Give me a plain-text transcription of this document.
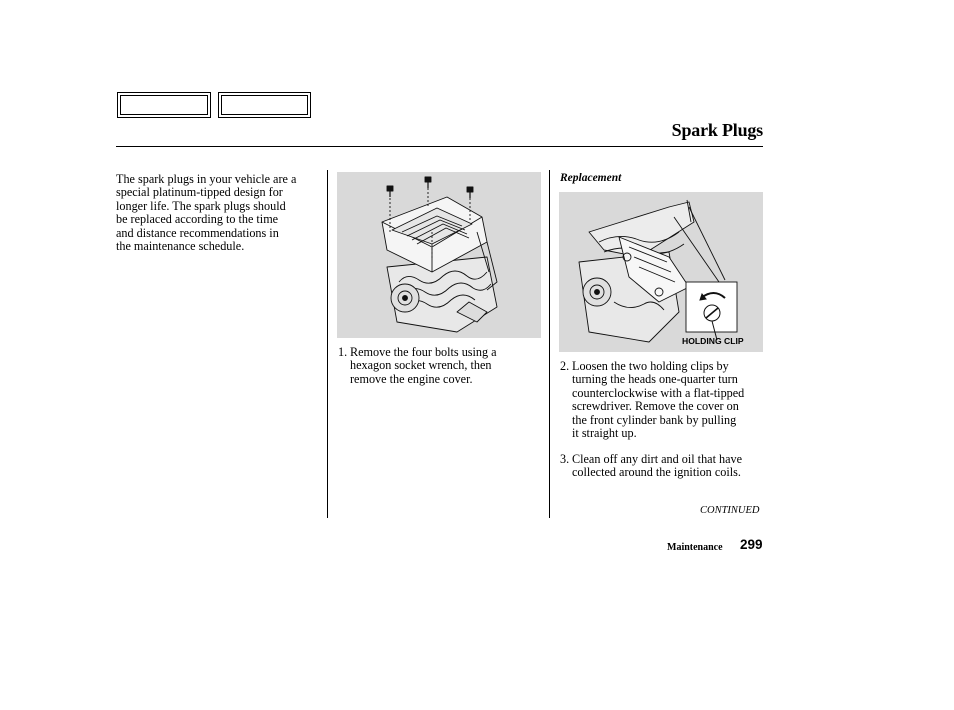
Spark Plugs
The spark plugs in your vehicle are a
special platinum-tipped design for
longer life. The spark plugs should
be replaced according to the time
and distance recommendations in
the maintenance schedule.
1. Remove the four bolts using a
hexagon socket wrench, then
remove the engine cover.
Replacement
HOLDING CLIP
2. Loosen the two holding clips by
turning the heads one-quarter turn
counterclockwise with a flat-tipped
screwdriver. Remove the cover on
the front cylinder bank by pulling
it straight up.
3. Clean off any dirt and oil that have
collected around the ignition coils.
CONTINUED
Maintenance 299
